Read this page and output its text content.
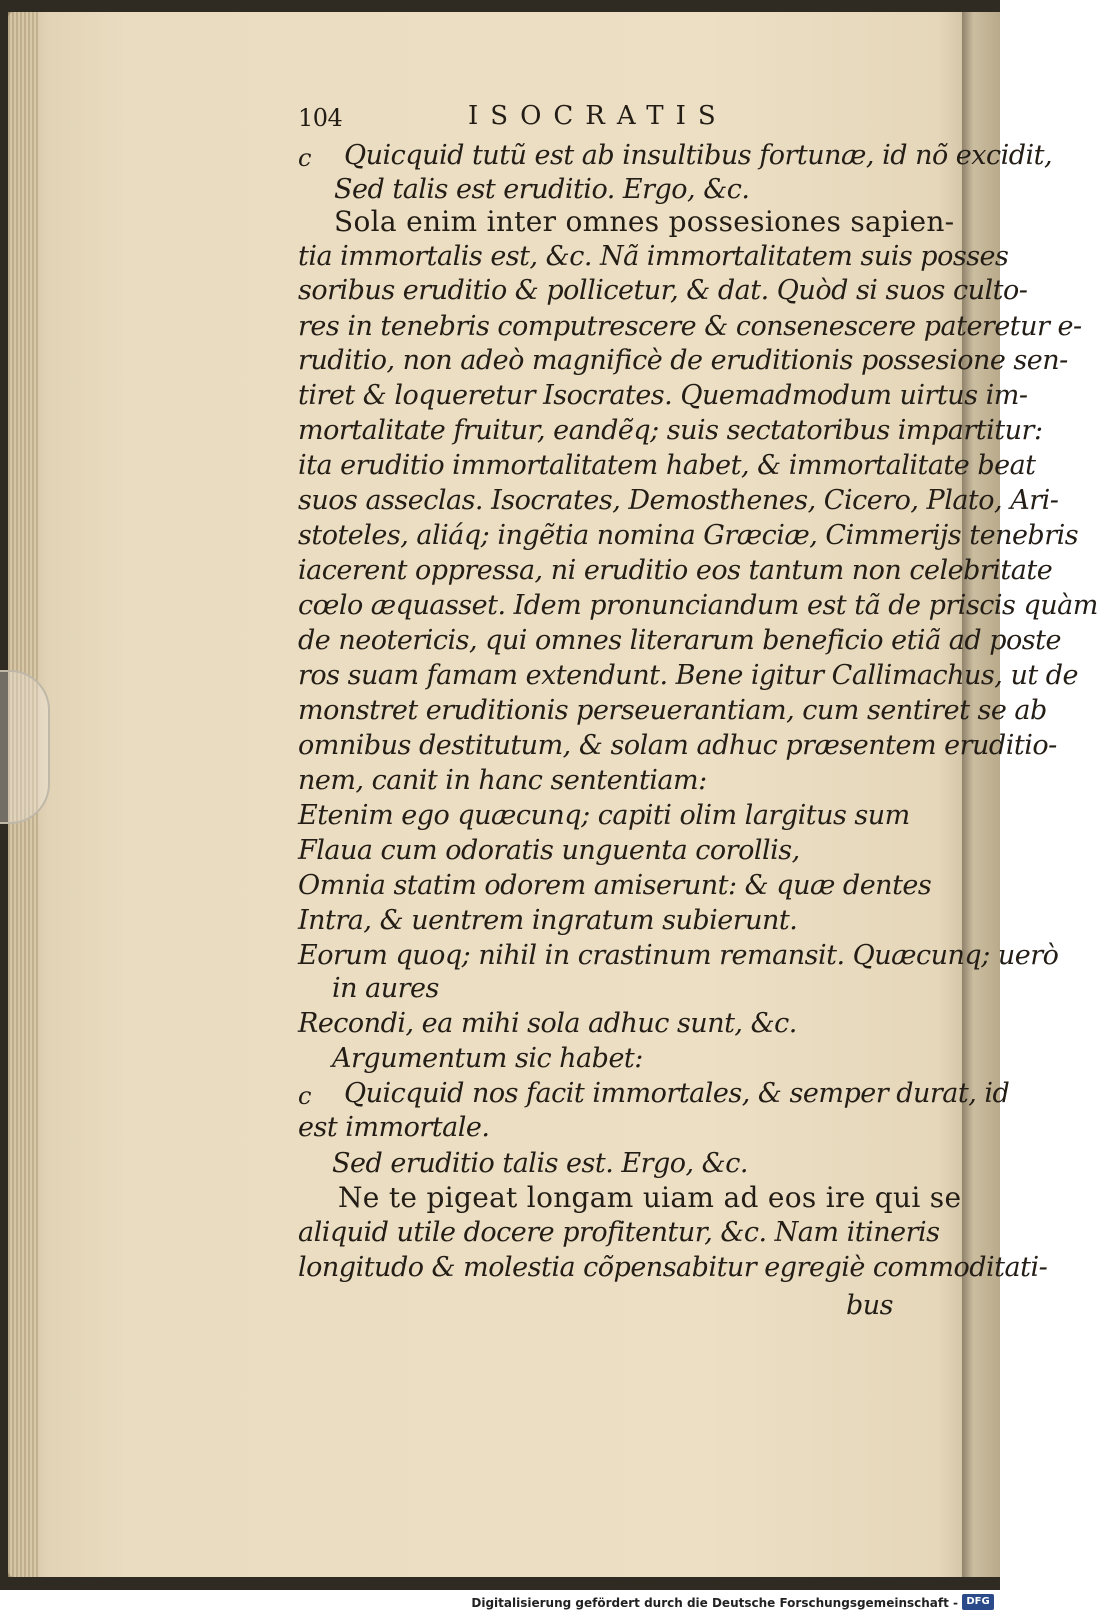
104	ISOCRATIS
c Quicquid tutũ est ab insultibus fortunæ, id nõ excidit,
Sed talis est eruditio. Ergo, &c.
Sola enim inter omnes possesiones sapien-
tia immortalis est, &c. Nã immortalitatem suis posses
soribus eruditio & pollicetur, & dat. Quòd si suos culto-
res in tenebris computrescere & consenescere pateretur e-
ruditio, non adeò magnificè de eruditionis possesione sen-
tiret & loqueretur Isocrates. Quemadmodum uirtus im-
mortalitate fruitur, eandẽq; suis sectatoribus impartitur:
ita eruditio immortalitatem habet, & immortalitate beat
suos asseclas. Isocrates, Demosthenes, Cicero, Plato, Ari-
stoteles, aliáq; ingẽtia nomina Græciæ, Cimmerijs tenebris
iacerent oppressa, ni eruditio eos tantum non celebritate
cœlo æquasset. Idem pronunciandum est tã de priscis quàm
de neotericis, qui omnes literarum beneficio etiã ad poste
ros suam famam extendunt. Bene igitur Callimachus, ut de
monstret eruditionis perseuerantiam, cum sentiret se ab
omnibus destitutum, & solam adhuc præsentem eruditio-
nem, canit in hanc sententiam:
Etenim ego quæcunq; capiti olim largitus sum
Flaua cum odoratis unguenta corollis,
Omnia statim odorem amiserunt: & quæ dentes
Intra, & uentrem ingratum subierunt.
Eorum quoq; nihil in crastinum remansit. Quæcunq; uerò
in aures
Recondi, ea mihi sola adhuc sunt, &c.
Argumentum sic habet:
c Quicquid nos facit immortales, & semper durat, id
est immortale.
Sed eruditio talis est. Ergo, &c.
Ne te pigeat longam uiam ad eos ire qui se
aliquid utile docere profitentur, &c. Nam itineris
longitudo & molestia cõpensabitur egregiè commoditati-
bus
Digitalisierung gefördert durch die Deutsche Forschungsgemeinschaft - DFG
